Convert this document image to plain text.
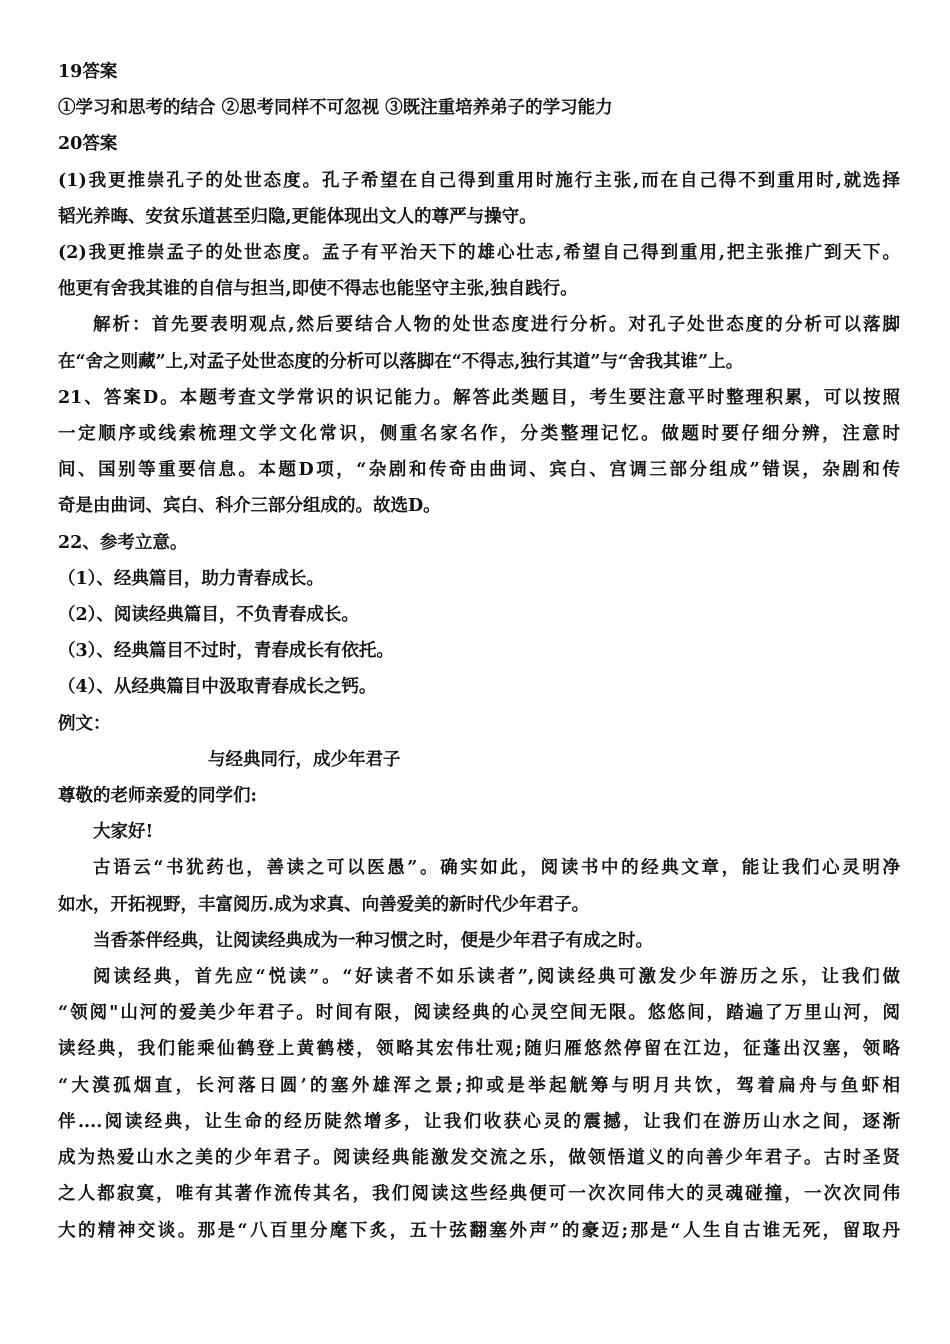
19答案
①学习和思考的结合 ②思考同样不可忽视 ③既注重培养弟子的学习能力
20答案
(1)我更推崇孔子的处世态度。孔子希望在自己得到重用时施行主张,而在自己得不到重用时,就选择
韬光养晦、安贫乐道甚至归隐,更能体现出文人的尊严与操守。
(2)我更推崇孟子的处世态度。孟子有平治天下的雄心壮志,希望自己得到重用,把主张推广到天下。
他更有舍我其谁的自信与担当,即使不得志也能坚守主张,独自践行。
解析：首先要表明观点,然后要结合人物的处世态度进行分析。对孔子处世态度的分析可以落脚
在“舍之则藏”上,对孟子处世态度的分析可以落脚在“不得志,独行其道”与“舍我其谁”上。
21、答案D。本题考查文学常识的识记能力。解答此类题目，考生要注意平时整理积累，可以按照
一定顺序或线索梳理文学文化常识，侧重名家名作，分类整理记忆。做题时要仔细分辨，注意时
间、国别等重要信息。本题D项，“杂剧和传奇由曲词、宾白、宫调三部分组成”错误，杂剧和传
奇是由曲词、宾白、科介三部分组成的。故选D。
22、参考立意。
（1）、经典篇目，助力青春成长。
（2）、阅读经典篇目，不负青春成长。
（3）、经典篇目不过时，青春成长有依托。
（4）、从经典篇目中汲取青春成长之钙。
例文：
与经典同行，成少年君子
尊敬的老师亲爱的同学们:
大家好!
古语云“书犹药也，善读之可以医愚”。确实如此，阅读书中的经典文章，能让我们心灵明净
如水，开拓视野，丰富阅历.成为求真、向善爱美的新时代少年君子。
当香茶伴经典，让阅读经典成为一种习惯之时，便是少年君子有成之时。
阅读经典，首先应“悦读”。“好读者不如乐读者”,阅读经典可激发少年游历之乐，让我们做
“领阅"山河的爱美少年君子。时间有限，阅读经典的心灵空间无限。悠悠间，踏遍了万里山河，阅
读经典，我们能乘仙鹤登上黄鹤楼，领略其宏伟壮观;随归雁悠然停留在江边，征蓬出汉塞，领略
“大漠孤烟直，长河落日圆’的塞外雄浑之景;抑或是举起觥筹与明月共饮，驾着扁舟与鱼虾相
伴....阅读经典，让生命的经历陡然增多，让我们收获心灵的震撼，让我们在游历山水之间，逐渐
成为热爱山水之美的少年君子。阅读经典能激发交流之乐，做领悟道义的向善少年君子。古时圣贤
之人都寂寞，唯有其著作流传其名，我们阅读这些经典便可一次次同伟大的灵魂碰撞，一次次同伟
大的精神交谈。那是“八百里分麾下炙，五十弦翻塞外声”的豪迈;那是“人生自古谁无死，留取丹
